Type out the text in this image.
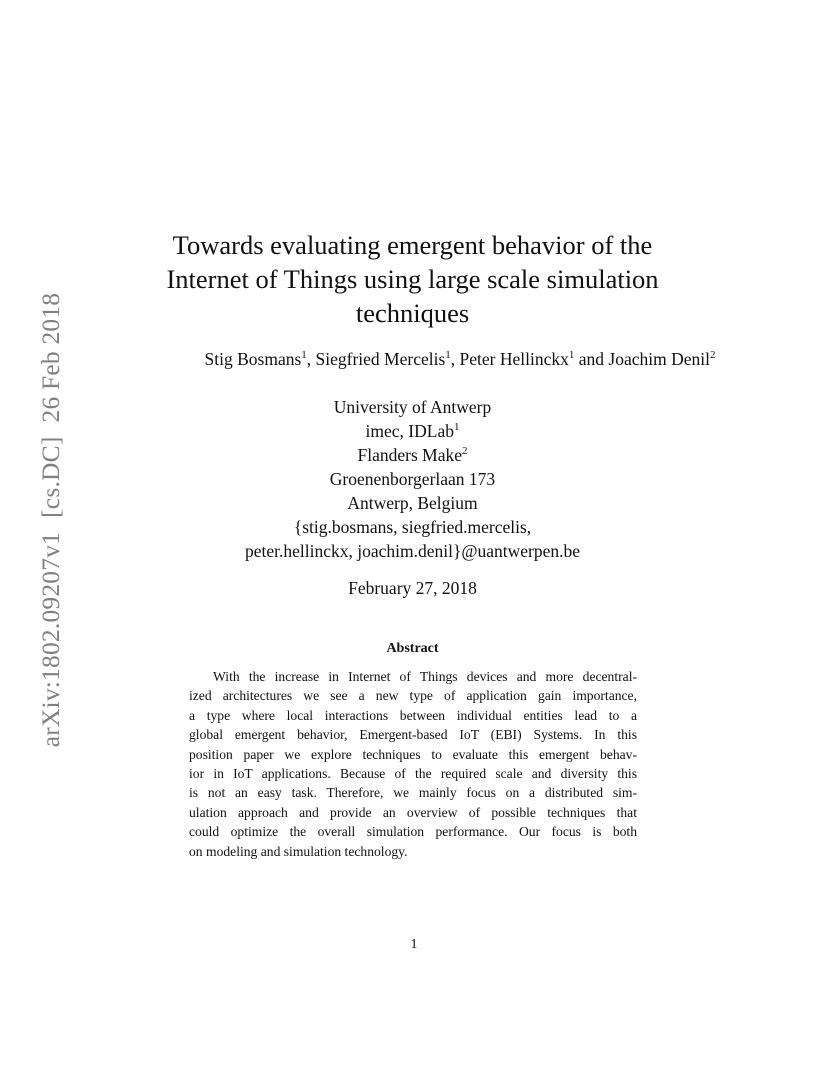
arXiv:1802.09207v1
[cs.DC]
26 Feb 2018
Towards evaluating emergent behavior of the
Internet of Things using large scale simulation
techniques
Stig Bosmans$^1$, Siegfried Mercelis$^1$, Peter Hellinckx$^1$ and Joachim Denil$^2$
University of Antwerp
imec, IDLab$^1$
Flanders Make$^2$
Groenenborgerlaan 173
Antwerp, Belgium
{stig.bosmans, siegfried.mercelis,
peter.hellinckx, joachim.denil}@uantwerpen.be
February 27, 2018
Abstract
With the increase in Internet of Things devices and more decentral-
ized architectures we see a new type of application gain importance,
a type where local interactions between individual entities lead to a
global emergent behavior, Emergent-based IoT (EBI) Systems. In this
position paper we explore techniques to evaluate this emergent behav-
ior in IoT applications. Because of the required scale and diversity this
is not an easy task. Therefore, we mainly focus on a distributed sim-
ulation approach and provide an overview of possible techniques that
could optimize the overall simulation performance. Our focus is both
on modeling and simulation technology.
1
